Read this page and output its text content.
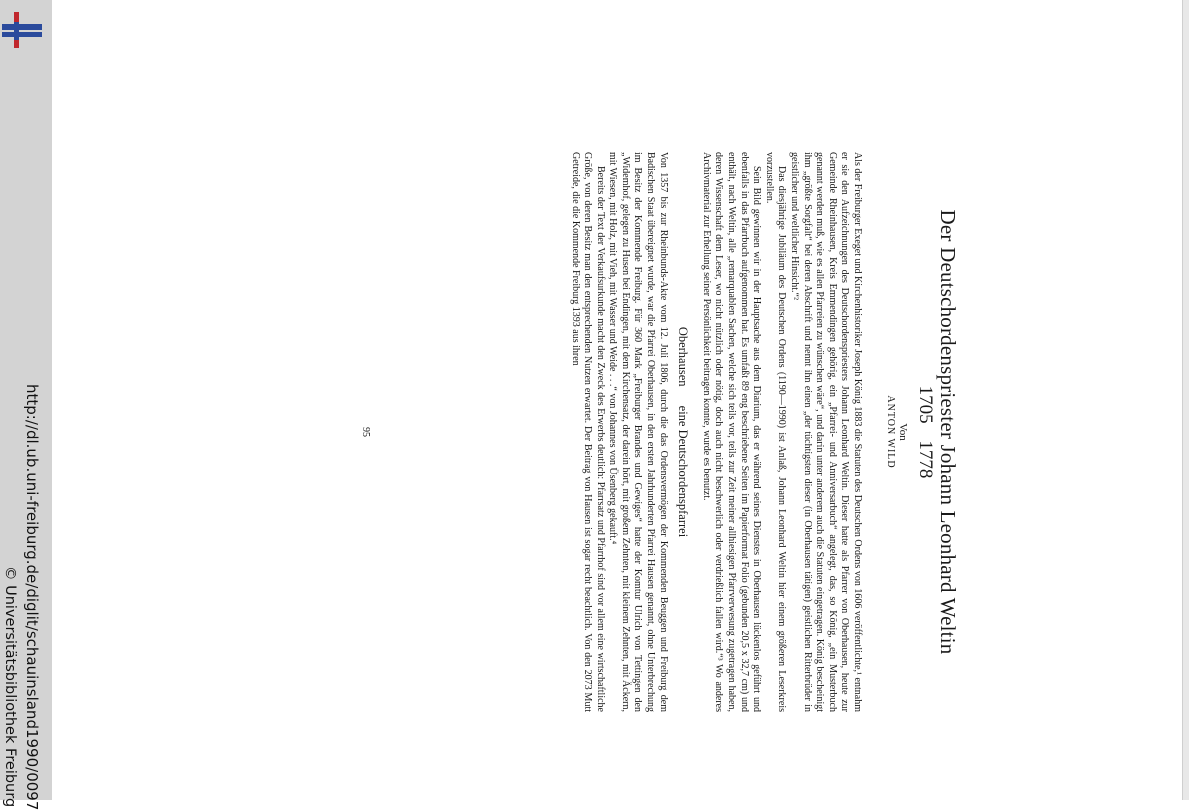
http://dl.ub.uni-freiburg.de/diglit/schauinsland1990/0097
© Universitätsbibliothek Freiburg
Der Deutschordenspriester Johann Leonhard Weltin
1705 1778
Von
ANTON WILD

Als der Freiburger Exeget und Kirchenhistoriker Joseph König 1883 die Statuten des Deutschen Ordens von 1606 veröffentlichte,¹ entnahm er sie den Aufzeichnungen des Deutschordenspriesters Johann Leonhard Weltin. Dieser hatte als Pfarrer von Oberhausen, heute zur Gemeinde Rheinhausen, Kreis Emmendingen gehörig, ein „Pfarrei- und Anniversarbuch“ angelegt, das, so König, „ein Musterbuch genannt werden muß, wie es allen Pfarreien zu wünschen wäre“, und darin unter anderem auch die Statuten eingetragen. König bescheinigt ihm „größte Sorgfalt“ bei deren Abschrift und nennt ihn einen „der tüchtigsten dieser (in Oberhausen tätigen) geistlichen Ritterbrüder in geistlicher und weltlicher Hinsicht.“²

Das diesjährige Jubiläum des Deutschen Ordens (1190—1990) ist Anlaß, Johann Leonhard Weltin hier einem größeren Leserkreis vorzustellen.

Sein Bild gewinnen wir in der Hauptsache aus dem Diarium, das er während seines Dienstes in Oberhausen lückenlos geführt und ebenfalls in das Pfarrbuch aufgenommen hat. Es umfaßt 89 eng beschriebene Seiten im Papierformat Folio (gebunden 20,5 x 32,7 cm) und enthält, nach Weltin, alle „remarquablen Sachen, welche sich teils vor, teils zur Zeit meiner allhiesigen Pfarrverwesung zugetragen haben, deren Wissenschaft dem Leser, wo nicht nützlich oder nötig, doch auch nicht beschwerlich oder verdrießlich fallen wird.“³ Wo anderes Archivmaterial zur Erhellung seiner Persönlichkeit beitragen konnte, wurde es benutzt.

Oberhausen eine Deutschordenspfarrei

Von 1357 bis zur Rheinbunds-Akte vom 12. Juli 1806, durch die das Ordensvermögen der Kommenden Beuggen und Freiburg dem Badischen Staat übereignet wurde, war die Pfarrei Oberhausen, in den ersten Jahrhunderten Pfarrei Hausen genannt, ohne Unterbrechung im Besitz der Kommende Freiburg. Für 360 Mark „Freiburger Brandes und Gewiges“ hatte der Komtur Ulrich von Tettingen den „Widemhof, gelegen zu Husen bei Endingen, mit dem Kirchensatz, der darein hört, mit großem Zehnten, mit kleinem Zehnten, mit Äckern, mit Wiesen, mit Holz, mit Vieh, mit Wasser und Weide . . .“ von Johannes von Üsenberg gekauft.⁴

Bereits der Text der Verkaufsurkunde macht den Zweck des Erwerbs deutlich: Pfarrsatz und Pfarrhof sind vor allem eine wirtschaftliche Größe, von deren Besitz man den entsprechenden Nutzen erwartet. Der Beitrag von Hausen ist sogar recht beachtlich. Von den 2073 Mutt Getreide, die die Kommende Freiburg 1393 aus ihren

95
